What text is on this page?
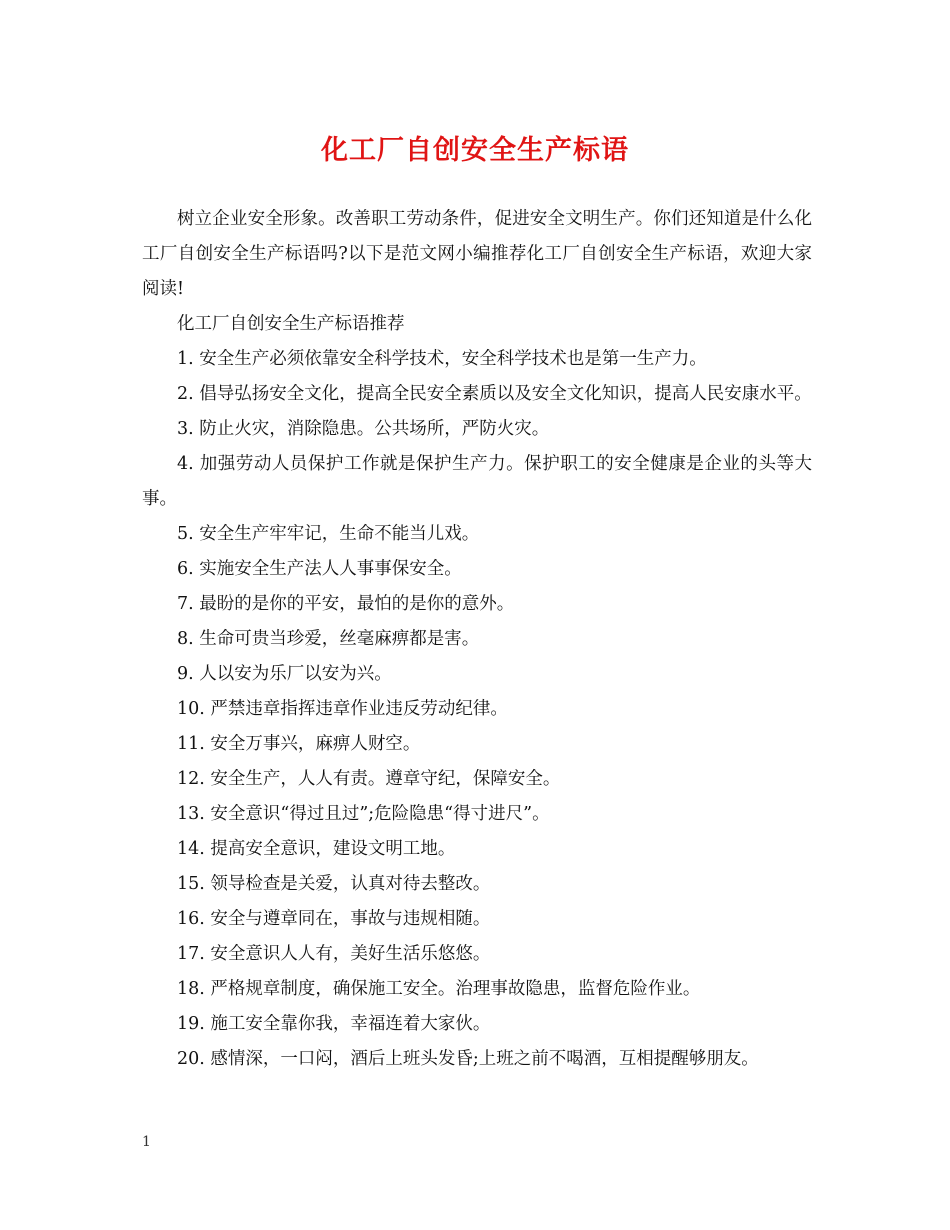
化工厂自创安全生产标语

树立企业安全形象。改善职工劳动条件，促进安全文明生产。你们还知道是什么化工厂自创安全生产标语吗?以下是范文网小编推荐化工厂自创安全生产标语，欢迎大家阅读!

化工厂自创安全生产标语推荐

1. 安全生产必须依靠安全科学技术，安全科学技术也是第一生产力。

2. 倡导弘扬安全文化，提高全民安全素质以及安全文化知识，提高人民安康水平。

3. 防止火灾，消除隐患。公共场所，严防火灾。

4. 加强劳动人员保护工作就是保护生产力。保护职工的安全健康是企业的头等大事。

5. 安全生产牢牢记，生命不能当儿戏。

6. 实施安全生产法人人事事保安全。

7. 最盼的是你的平安，最怕的是你的意外。

8. 生命可贵当珍爱，丝毫麻痹都是害。

9. 人以安为乐厂以安为兴。

10. 严禁违章指挥违章作业违反劳动纪律。

11. 安全万事兴，麻痹人财空。

12. 安全生产，人人有责。遵章守纪，保障安全。

13. 安全意识“得过且过”;危险隐患“得寸进尺”。

14. 提高安全意识，建设文明工地。

15. 领导检查是关爱，认真对待去整改。

16. 安全与遵章同在，事故与违规相随。

17. 安全意识人人有，美好生活乐悠悠。

18. 严格规章制度，确保施工安全。治理事故隐患，监督危险作业。

19. 施工安全靠你我，幸福连着大家伙。

20. 感情深，一口闷，酒后上班头发昏;上班之前不喝酒，互相提醒够朋友。

1
